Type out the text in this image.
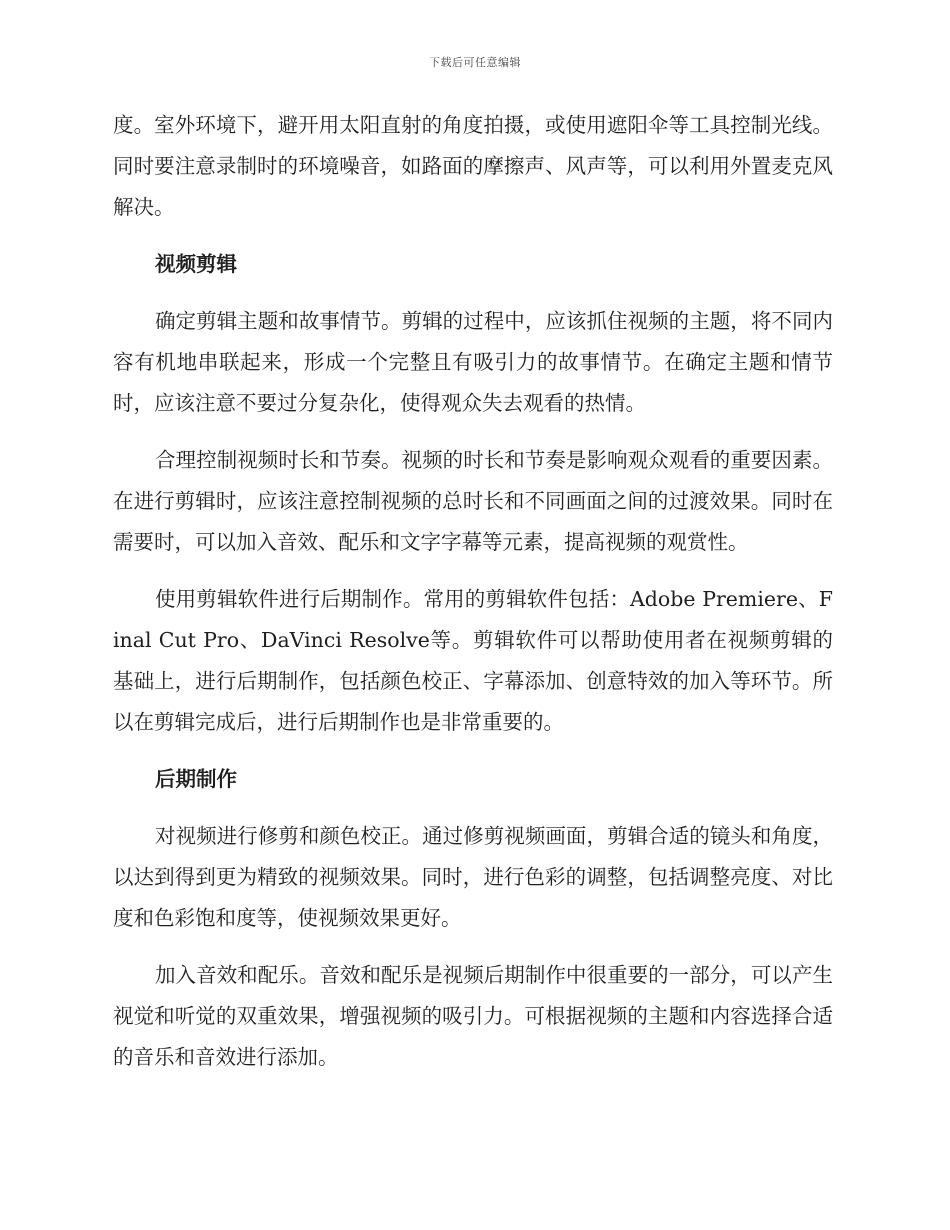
下载后可任意编辑

度。室外环境下，避开用太阳直射的角度拍摄，或使用遮阳伞等工具控制光线。同时要注意录制时的环境噪音，如路面的摩擦声、风声等，可以利用外置麦克风解决。

视频剪辑

确定剪辑主题和故事情节。剪辑的过程中，应该抓住视频的主题，将不同内容有机地串联起来，形成一个完整且有吸引力的故事情节。在确定主题和情节时，应该注意不要过分复杂化，使得观众失去观看的热情。

合理控制视频时长和节奏。视频的时长和节奏是影响观众观看的重要因素。在进行剪辑时，应该注意控制视频的总时长和不同画面之间的过渡效果。同时在需要时，可以加入音效、配乐和文字字幕等元素，提高视频的观赏性。

使用剪辑软件进行后期制作。常用的剪辑软件包括：Adobe Premiere、Final Cut Pro、DaVinci Resolve等。剪辑软件可以帮助使用者在视频剪辑的基础上，进行后期制作，包括颜色校正、字幕添加、创意特效的加入等环节。所以在剪辑完成后，进行后期制作也是非常重要的。

后期制作

对视频进行修剪和颜色校正。通过修剪视频画面，剪辑合适的镜头和角度，以达到得到更为精致的视频效果。同时，进行色彩的调整，包括调整亮度、对比度和色彩饱和度等，使视频效果更好。

加入音效和配乐。音效和配乐是视频后期制作中很重要的一部分，可以产生视觉和听觉的双重效果，增强视频的吸引力。可根据视频的主题和内容选择合适的音乐和音效进行添加。
